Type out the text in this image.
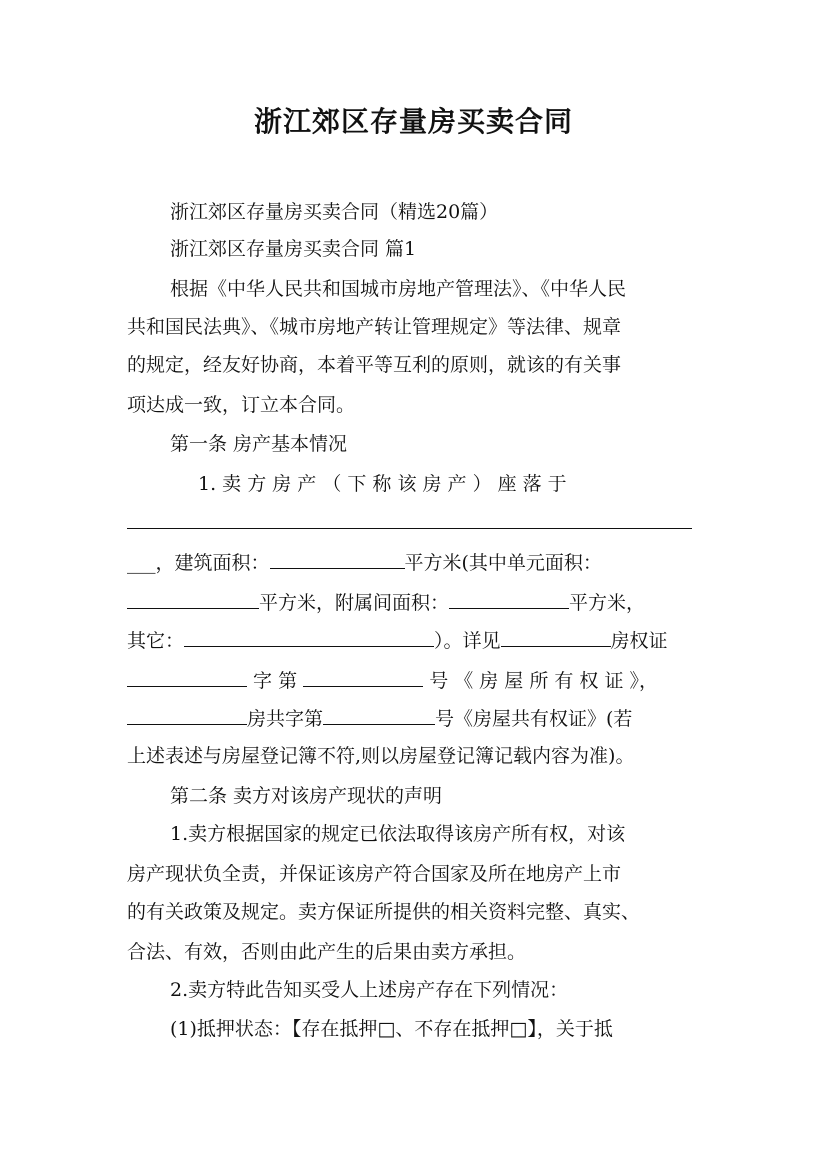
浙江郊区存量房买卖合同
浙江郊区存量房买卖合同（精选20篇）
浙江郊区存量房买卖合同 篇1
根据《中华人民共和国城市房地产管理法》、《中华人民
共和国民法典》、《城市房地产转让管理规定》等法律、规章
的规定，经友好协商，本着平等互利的原则，就该的有关事
项达成一致，订立本合同。
第一条 房产基本情况
1. 卖 方 房 产 （ 下 称 该 房 产 ） 座 落 于
___，建筑面积：	平方米(其中单元面积：
平方米，附属间面积：	平方米，
其它：	）。详见	房权证
字 第	号 《 房 屋 所 有 权 证 》，
房共字第	号《房屋共有权证》(若
上述表述与房屋登记簿不符,则以房屋登记簿记载内容为准)。
第二条 卖方对该房产现状的声明
1.卖方根据国家的规定已依法取得该房产所有权，对该
房产现状负全责，并保证该房产符合国家及所在地房产上市
的有关政策及规定。卖方保证所提供的相关资料完整、真实、
合法、有效，否则由此产生的后果由卖方承担。
2.卖方特此告知买受人上述房产存在下列情况：
(1)抵押状态：【存在抵押□、不存在抵押□】，关于抵
